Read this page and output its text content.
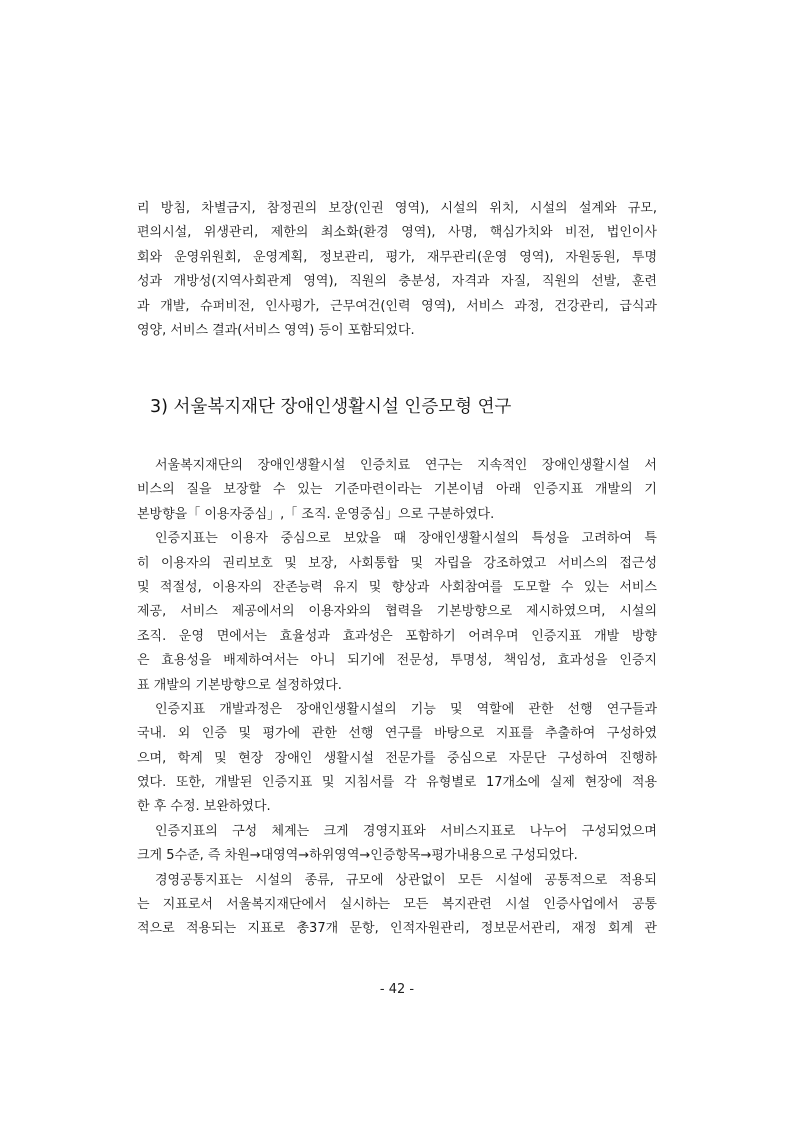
리 방침, 차별금지, 참정권의 보장(인권 영역), 시설의 위치, 시설의 설계와 규모,
편의시설, 위생관리, 제한의 최소화(환경 영역), 사명, 핵심가치와 비전, 법인이사
회와 운영위원회, 운영계획, 정보관리, 평가, 재무관리(운영 영역), 자원동원, 투명
성과 개방성(지역사회관계 영역), 직원의 충분성, 자격과 자질, 직원의 선발, 훈련
과 개발, 슈퍼비전, 인사평가, 근무여건(인력 영역), 서비스 과정, 건강관리, 급식과
영양, 서비스 결과(서비스 영역) 등이 포함되었다.
3) 서울복지재단 장애인생활시설 인증모형 연구
서울복지재단의 장애인생활시설 인증치료 연구는 지속적인 장애인생활시설 서
비스의 질을 보장할 수 있는 기준마련이라는 기본이념 아래 인증지표 개발의 기
본방향을「 이용자중심」,「 조직. 운영중심」으로 구분하였다.
인증지표는 이용자 중심으로 보았을 때 장애인생활시설의 특성을 고려하여 특
히 이용자의 권리보호 및 보장, 사회통합 및 자립을 강조하였고 서비스의 접근성
및 적절성, 이용자의 잔존능력 유지 및 향상과 사회참여를 도모할 수 있는 서비스
제공, 서비스 제공에서의 이용자와의 협력을 기본방향으로 제시하였으며, 시설의
조직. 운영 면에서는 효율성과 효과성은 포함하기 어려우며 인증지표 개발 방향
은 효용성을 배제하여서는 아니 되기에 전문성, 투명성, 책임성, 효과성을 인증지
표 개발의 기본방향으로 설정하였다.
인증지표 개발과정은 장애인생활시설의 기능 및 역할에 관한 선행 연구들과
국내. 외 인증 및 평가에 관한 선행 연구를 바탕으로 지표를 추출하여 구성하였
으며, 학계 및 현장 장애인 생활시설 전문가를 중심으로 자문단 구성하여 진행하
였다. 또한, 개발된 인증지표 및 지침서를 각 유형별로 17개소에 실제 현장에 적용
한 후 수정. 보완하였다.
인증지표의 구성 체계는 크게 경영지표와 서비스지표로 나누어 구성되었으며
크게 5수준, 즉 차원→대영역→하위영역→인증항목→평가내용으로 구성되었다.
경영공통지표는 시설의 종류, 규모에 상관없이 모든 시설에 공통적으로 적용되
는 지표로서 서울복지재단에서 실시하는 모든 복지관련 시설 인증사업에서 공통
적으로 적용되는 지표로 총37개 문항, 인적자원관리, 정보문서관리, 재정 회계 관
- 42 -
